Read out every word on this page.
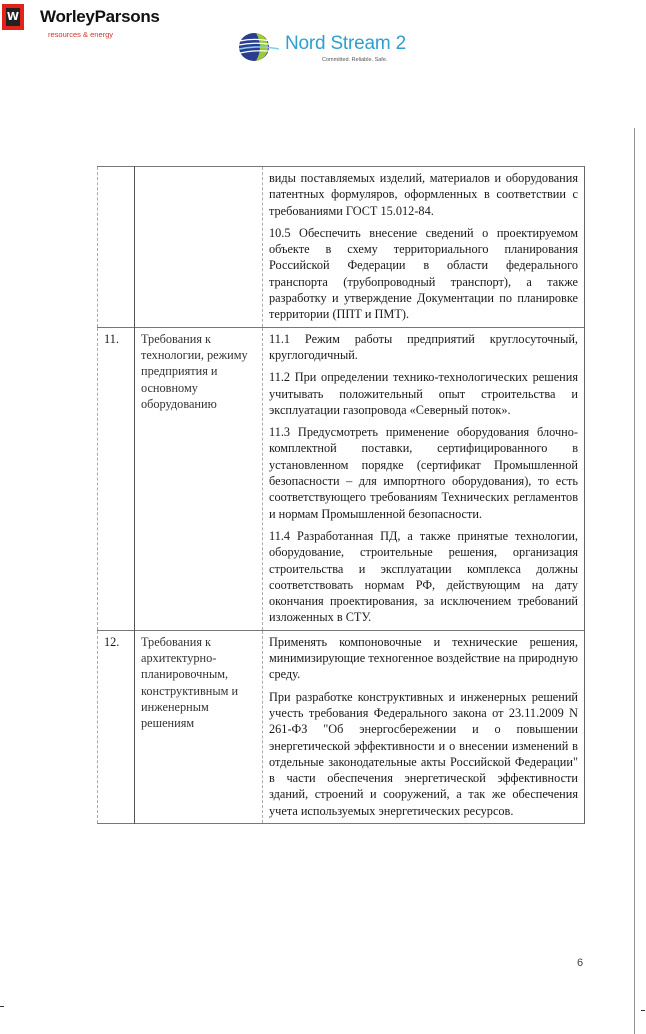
W WorleyParsons
resources & energy	Nord Stream 2
Committed. Reliable. Safe.

		виды поставляемых изделий, материалов и оборудования патентных формуляров, оформленных в соответствии с требованиями ГОСТ 15.012-84.

10.5 Обеспечить внесение сведений о проектируемом объекте в схему территориального планирования Российской Федерации в области федерального транспорта (трубопроводный транспорт), а также разработку и утверждение Документации по планировке территории (ППТ и ПМТ).

11.	Требования к технологии, режиму предприятия и основному оборудованию	11.1 Режим работы предприятий круглосуточный, круглогодичный.

11.2 При определении технико-технологических решения учитывать положительный опыт строительства и эксплуатации газопровода «Северный поток».

11.3 Предусмотреть применение оборудования блочно-комплектной поставки, сертифицированного в установленном порядке (сертификат Промышленной безопасности – для импортного оборудования), то есть соответствующего требованиям Технических регламентов и нормам Промышленной безопасности.

11.4 Разработанная ПД, а также принятые технологии, оборудование, строительные решения, организация строительства и эксплуатации комплекса должны соответствовать нормам РФ, действующим на дату окончания проектирования, за исключением требований изложенных в СТУ.

12.	Требования к архитектурно-планировочным, конструктивным и инженерным решениям	Применять компоновочные и технические решения, минимизирующие техногенное воздействие на природную среду.

При разработке конструктивных и инженерных решений учесть требования Федерального закона от 23.11.2009 N 261-ФЗ "Об энергосбережении и о повышении энергетической эффективности и о внесении изменений в отдельные законодательные акты Российской Федерации" в части обеспечения энергетической эффективности зданий, строений и сооружений, а так же обеспечения учета используемых энергетических ресурсов.

6
